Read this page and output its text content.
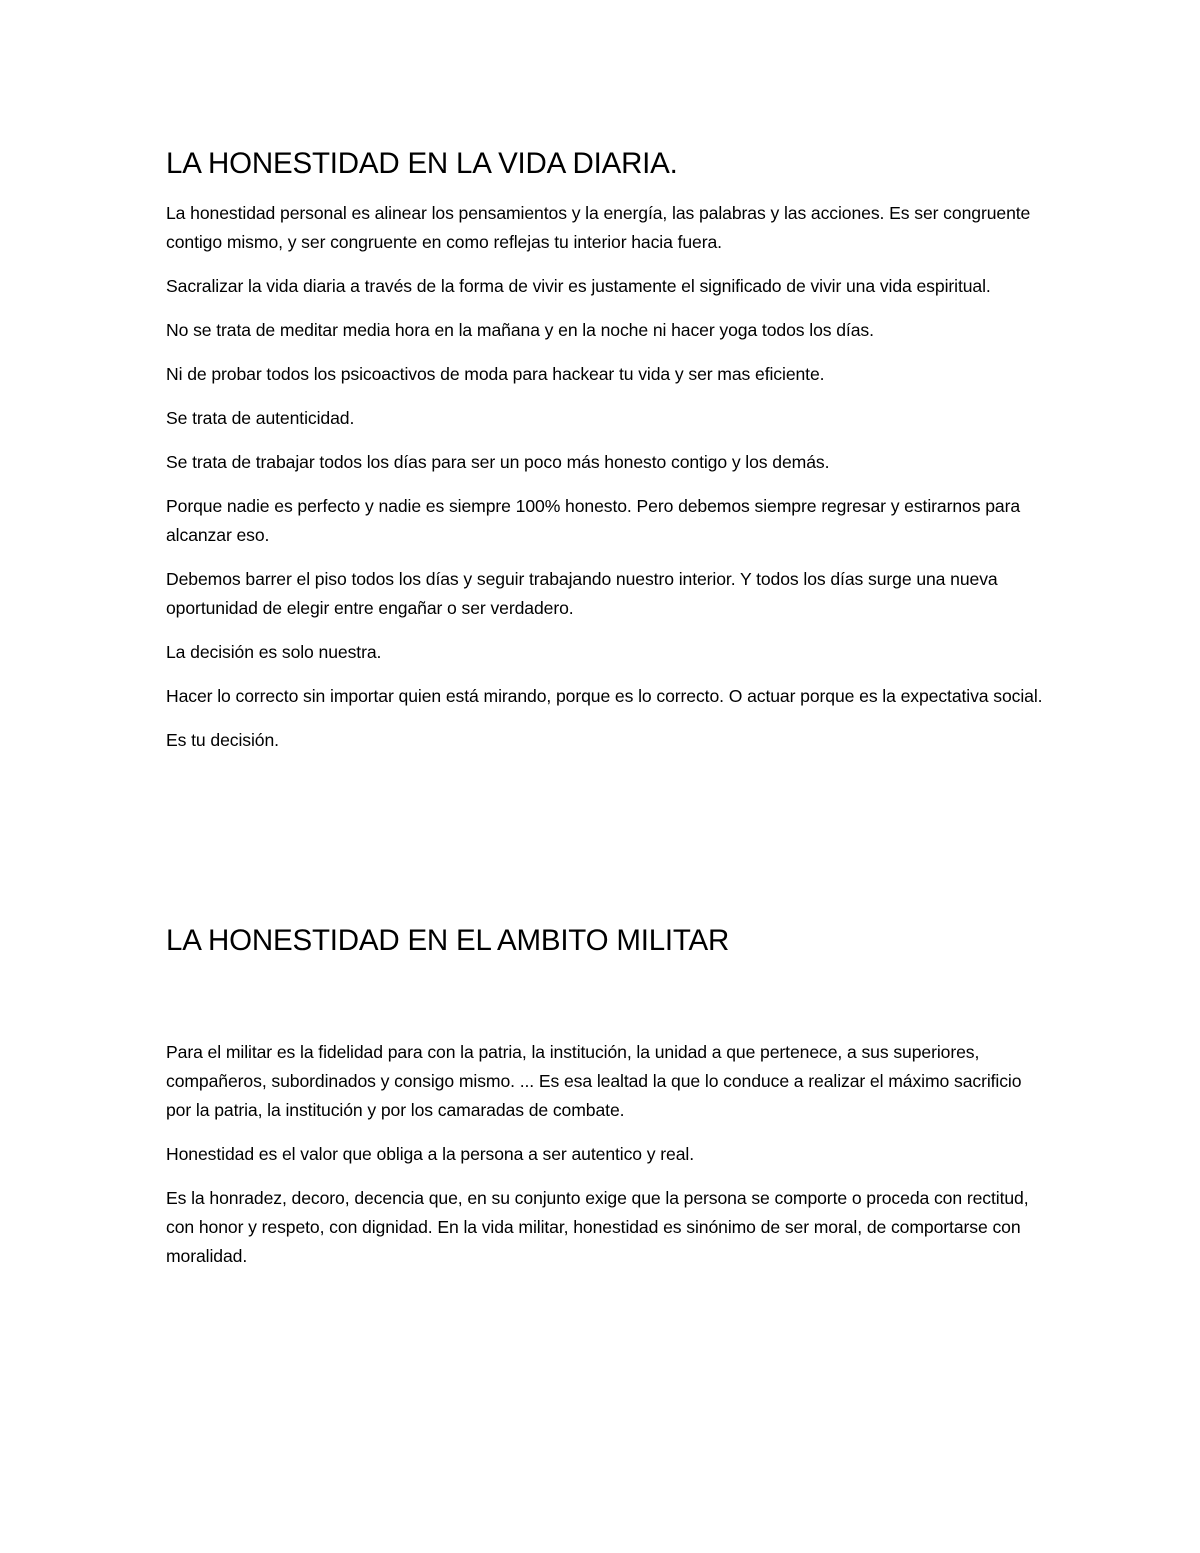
LA HONESTIDAD EN LA VIDA DIARIA.

La honestidad personal es alinear los pensamientos y la energía, las palabras y las acciones. Es ser congruente contigo mismo, y ser congruente en como reflejas tu interior hacia fuera.

Sacralizar la vida diaria a través de la forma de vivir es justamente el significado de vivir una vida espiritual.

No se trata de meditar media hora en la mañana y en la noche ni hacer yoga todos los días.

Ni de probar todos los psicoactivos de moda para hackear tu vida y ser mas eficiente.

Se trata de autenticidad.

Se trata de trabajar todos los días para ser un poco más honesto contigo y los demás.

Porque nadie es perfecto y nadie es siempre 100% honesto. Pero debemos siempre regresar y estirarnos para alcanzar eso.

Debemos barrer el piso todos los días y seguir trabajando nuestro interior. Y todos los días surge una nueva oportunidad de elegir entre engañar o ser verdadero.

La decisión es solo nuestra.

Hacer lo correcto sin importar quien está mirando, porque es lo correcto. O actuar porque es la expectativa social.

Es tu decisión.

LA HONESTIDAD EN EL AMBITO MILITAR

Para el militar es la fidelidad para con la patria, la institución, la unidad a que pertenece, a sus superiores, compañeros, subordinados y consigo mismo. ... Es esa lealtad la que lo conduce a realizar el máximo sacrificio por la patria, la institución y por los camaradas de combate.

Honestidad es el valor que obliga a la persona a ser autentico y real.

Es la honradez, decoro, decencia que, en su conjunto exige que la persona se comporte o proceda con rectitud, con honor y respeto, con dignidad. En la vida militar, honestidad es sinónimo de ser moral, de comportarse con moralidad.
